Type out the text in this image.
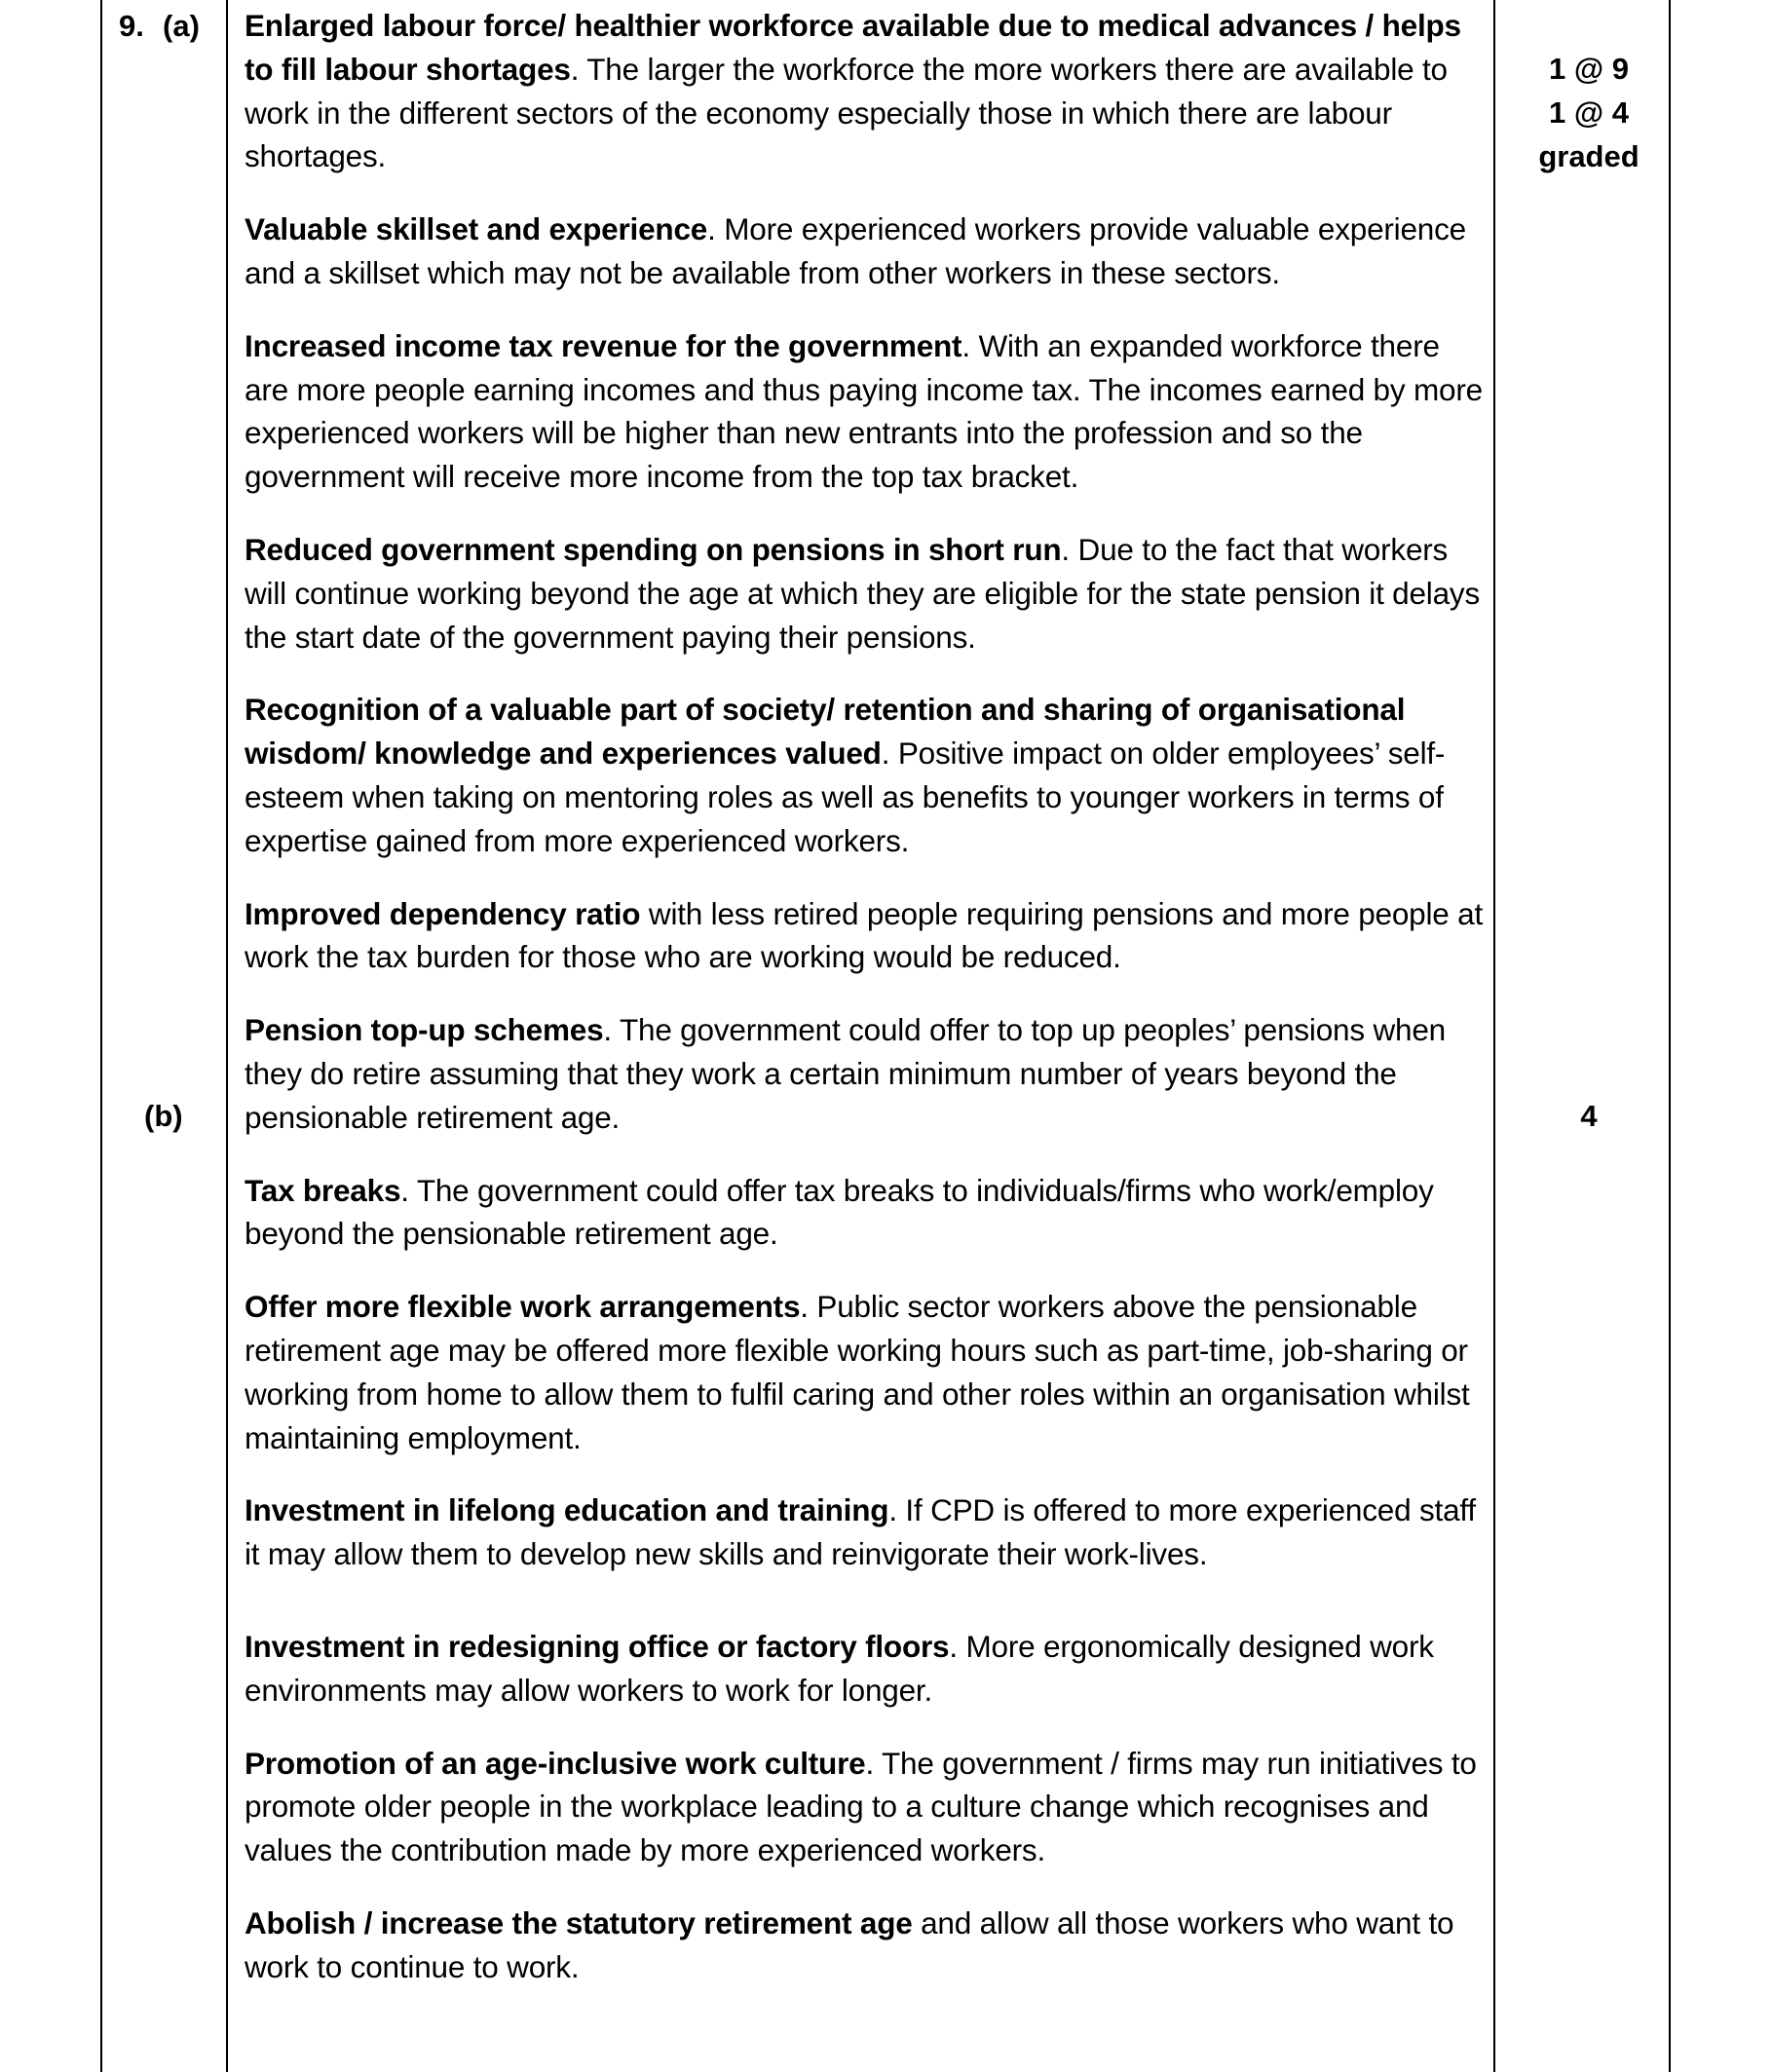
9. (a)
(b)
1 @ 9
1 @ 4
graded
4

Enlarged labour force/ healthier workforce available due to medical advances / helps to fill labour shortages. The larger the workforce the more workers there are available to work in the different sectors of the economy especially those in which there are labour shortages.

Valuable skillset and experience. More experienced workers provide valuable experience and a skillset which may not be available from other workers in these sectors.

Increased income tax revenue for the government. With an expanded workforce there are more people earning incomes and thus paying income tax. The incomes earned by more experienced workers will be higher than new entrants into the profession and so the government will receive more income from the top tax bracket.

Reduced government spending on pensions in short run. Due to the fact that workers will continue working beyond the age at which they are eligible for the state pension it delays the start date of the government paying their pensions.

Recognition of a valuable part of society/ retention and sharing of organisational wisdom/ knowledge and experiences valued. Positive impact on older employees’ self-esteem when taking on mentoring roles as well as benefits to younger workers in terms of expertise gained from more experienced workers.

Improved dependency ratio with less retired people requiring pensions and more people at work the tax burden for those who are working would be reduced.

Pension top-up schemes. The government could offer to top up peoples’ pensions when they do retire assuming that they work a certain minimum number of years beyond the pensionable retirement age.

Tax breaks. The government could offer tax breaks to individuals/firms who work/employ beyond the pensionable retirement age.

Offer more flexible work arrangements. Public sector workers above the pensionable retirement age may be offered more flexible working hours such as part-time, job-sharing or working from home to allow them to fulfil caring and other roles within an organisation whilst maintaining employment.

Investment in lifelong education and training. If CPD is offered to more experienced staff it may allow them to develop new skills and reinvigorate their work-lives.

Investment in redesigning office or factory floors. More ergonomically designed work environments may allow workers to work for longer.

Promotion of an age-inclusive work culture. The government / firms may run initiatives to promote older people in the workplace leading to a culture change which recognises and values the contribution made by more experienced workers.

Abolish / increase the statutory retirement age and allow all those workers who want to work to continue to work.
